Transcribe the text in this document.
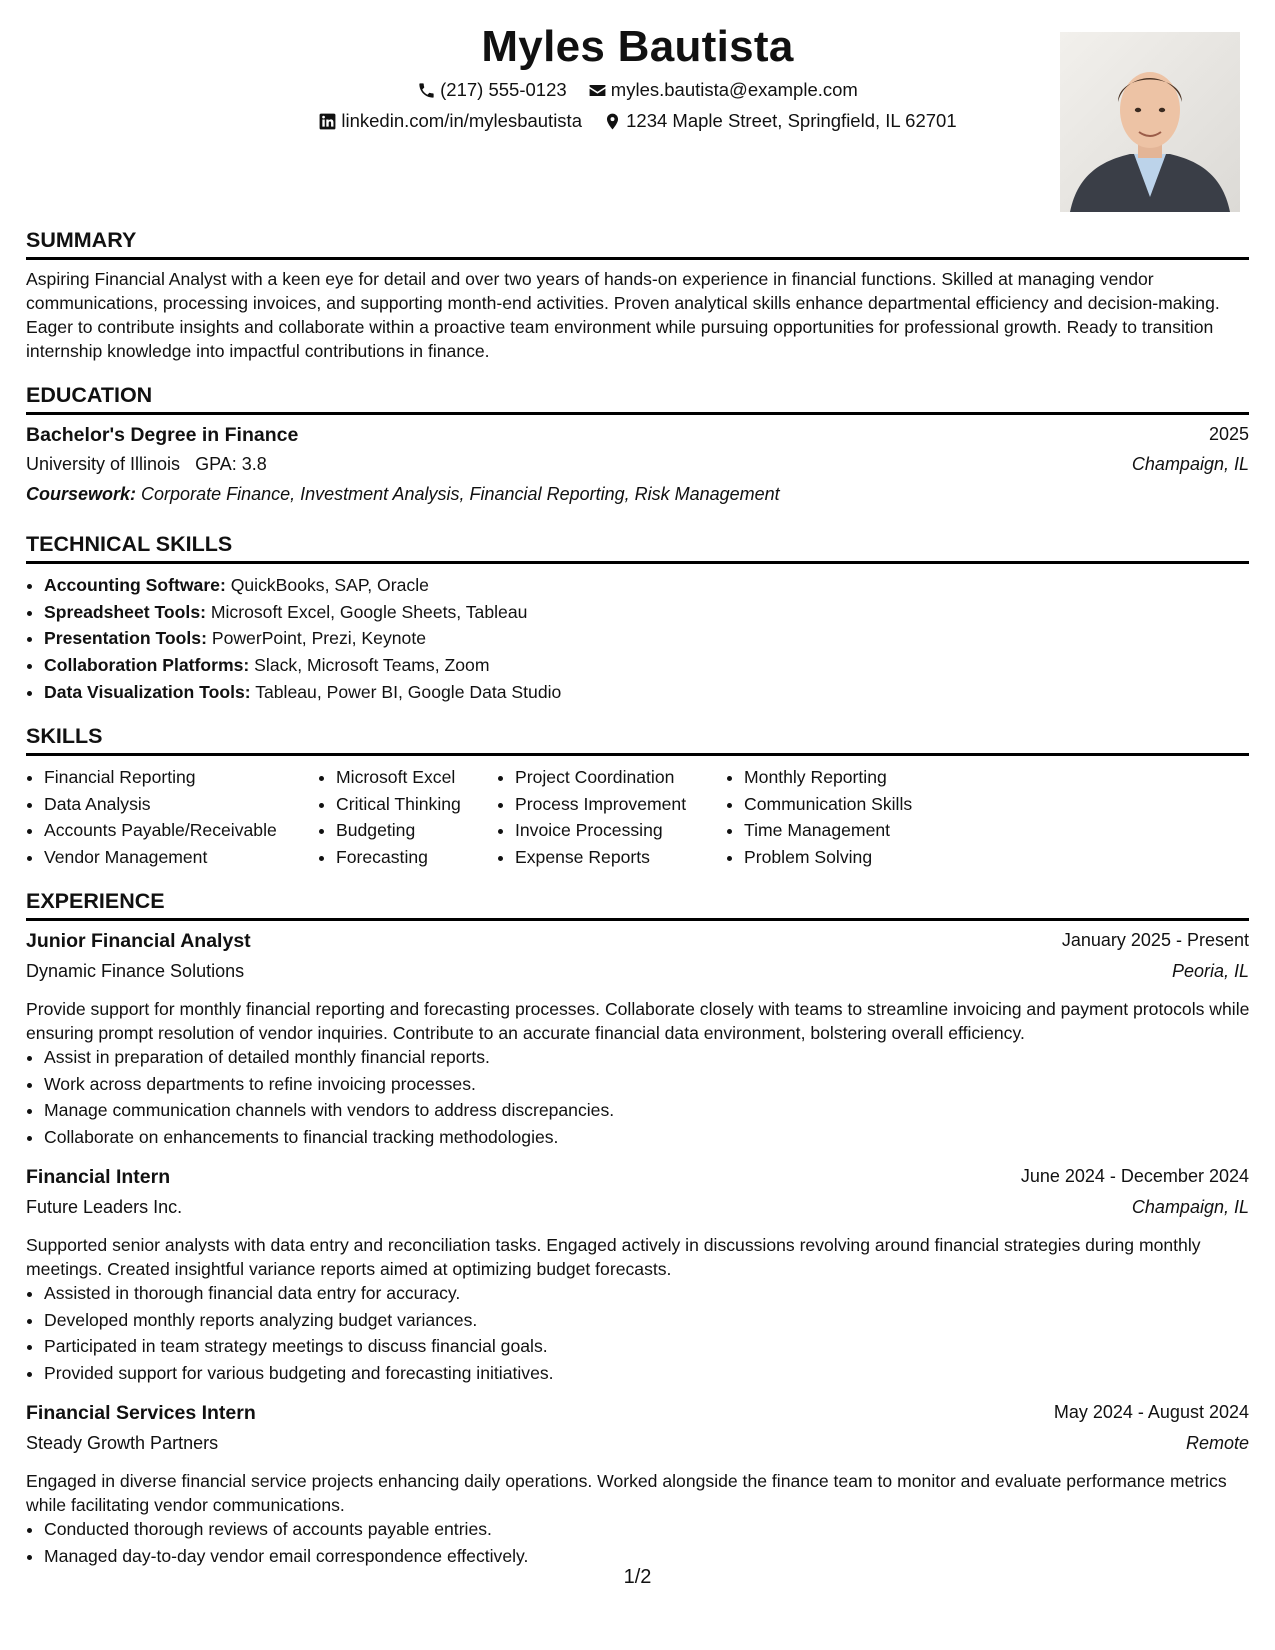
Myles Bautista
(217) 555-0123
myles.bautista@example.com
linkedin.com/in/mylesbautista
1234 Maple Street, Springfield, IL 62701
SUMMARY
Aspiring Financial Analyst with a keen eye for detail and over two years of hands-on experience in financial functions. Skilled at managing vendor communications, processing invoices, and supporting month-end activities. Proven analytical skills enhance departmental efficiency and decision-making. Eager to contribute insights and collaborate within a proactive team environment while pursuing opportunities for professional growth. Ready to transition internship knowledge into impactful contributions in finance.
EDUCATION
Bachelor's Degree in Finance	2025
University of Illinois GPA: 3.8	Champaign, IL
Coursework: Corporate Finance, Investment Analysis, Financial Reporting, Risk Management
TECHNICAL SKILLS
• Accounting Software: QuickBooks, SAP, Oracle
• Spreadsheet Tools: Microsoft Excel, Google Sheets, Tableau
• Presentation Tools: PowerPoint, Prezi, Keynote
• Collaboration Platforms: Slack, Microsoft Teams, Zoom
• Data Visualization Tools: Tableau, Power BI, Google Data Studio
SKILLS
• Financial Reporting
• Data Analysis
• Accounts Payable/Receivable
• Vendor Management
• Microsoft Excel
• Critical Thinking
• Budgeting
• Forecasting
• Project Coordination
• Process Improvement
• Invoice Processing
• Expense Reports
• Monthly Reporting
• Communication Skills
• Time Management
• Problem Solving
EXPERIENCE
Junior Financial Analyst	January 2025 - Present
Dynamic Finance Solutions	Peoria, IL
Provide support for monthly financial reporting and forecasting processes. Collaborate closely with teams to streamline invoicing and payment protocols while ensuring prompt resolution of vendor inquiries. Contribute to an accurate financial data environment, bolstering overall efficiency.
• Assist in preparation of detailed monthly financial reports.
• Work across departments to refine invoicing processes.
• Manage communication channels with vendors to address discrepancies.
• Collaborate on enhancements to financial tracking methodologies.
Financial Intern	June 2024 - December 2024
Future Leaders Inc.	Champaign, IL
Supported senior analysts with data entry and reconciliation tasks. Engaged actively in discussions revolving around financial strategies during monthly meetings. Created insightful variance reports aimed at optimizing budget forecasts.
• Assisted in thorough financial data entry for accuracy.
• Developed monthly reports analyzing budget variances.
• Participated in team strategy meetings to discuss financial goals.
• Provided support for various budgeting and forecasting initiatives.
Financial Services Intern	May 2024 - August 2024
Steady Growth Partners	Remote
Engaged in diverse financial service projects enhancing daily operations. Worked alongside the finance team to monitor and evaluate performance metrics while facilitating vendor communications.
• Conducted thorough reviews of accounts payable entries.
• Managed day-to-day vendor email correspondence effectively.
1/2
